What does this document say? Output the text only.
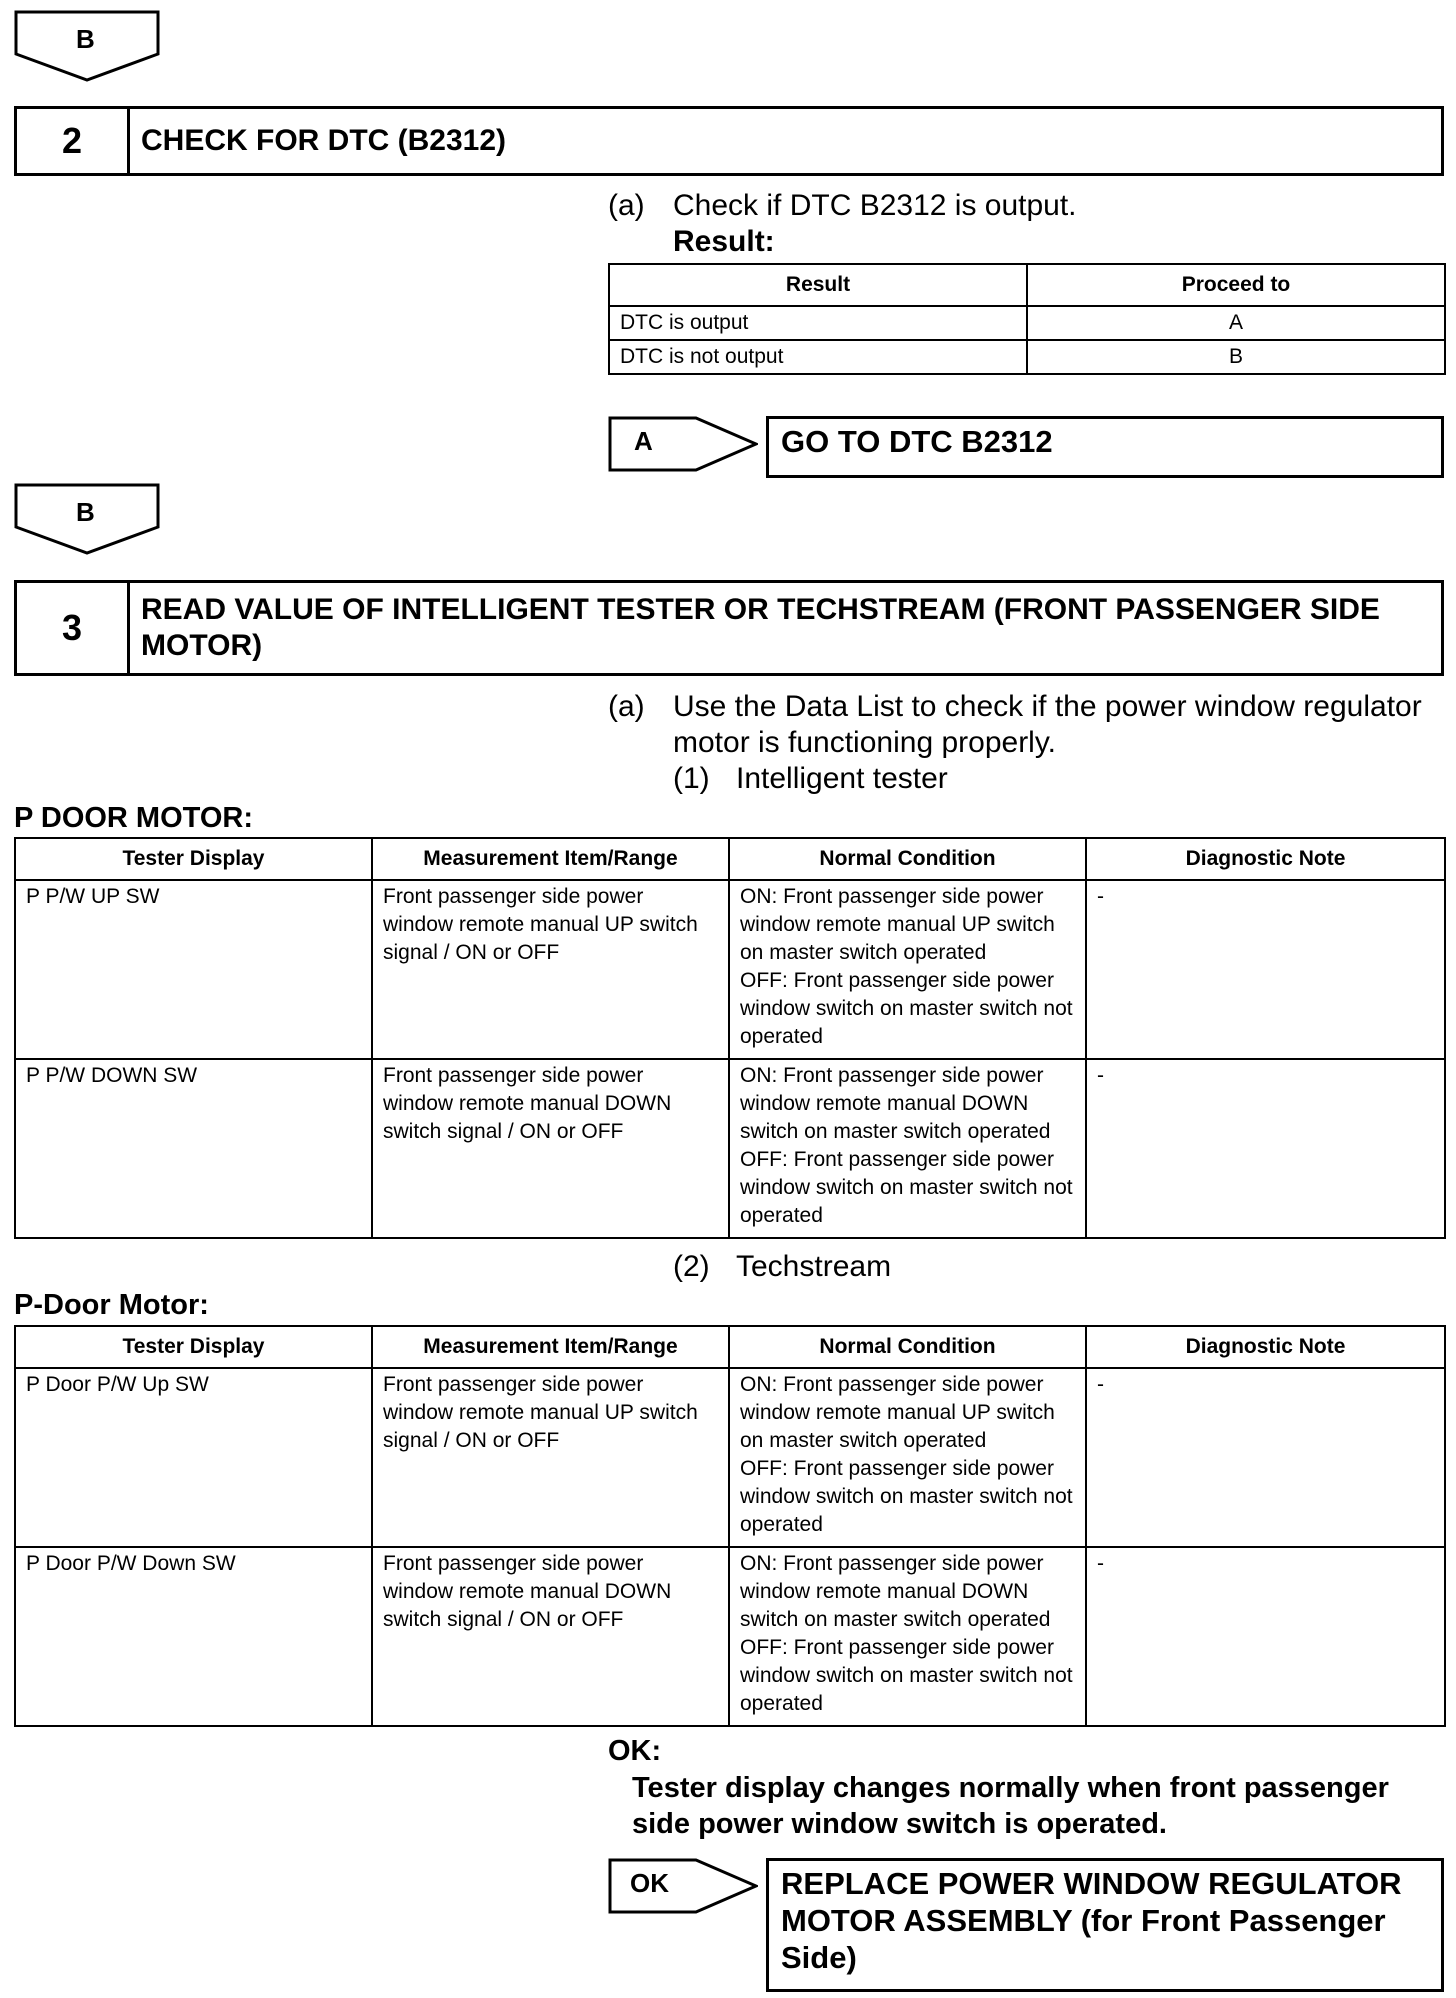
B
2	CHECK FOR DTC (B2312)
(a) Check if DTC B2312 is output.
Result:
Result	Proceed to
DTC is output	A
DTC is not output	B
A	GO TO DTC B2312
B
3	READ VALUE OF INTELLIGENT TESTER OR TECHSTREAM (FRONT PASSENGER SIDE MOTOR)
(a) Use the Data List to check if the power window regulator
motor is functioning properly.
(1) Intelligent tester
P DOOR MOTOR:
Tester Display	Measurement Item/Range	Normal Condition	Diagnostic Note
P P/W UP SW	Front passenger side power window remote manual UP switch signal / ON or OFF	ON: Front passenger side power window remote manual UP switch on master switch operated
OFF: Front passenger side power window switch on master switch not operated	-
P P/W DOWN SW	Front passenger side power window remote manual DOWN switch signal / ON or OFF	ON: Front passenger side power window remote manual DOWN switch on master switch operated
OFF: Front passenger side power window switch on master switch not operated	-
(2) Techstream
P-Door Motor:
Tester Display	Measurement Item/Range	Normal Condition	Diagnostic Note
P Door P/W Up SW	Front passenger side power window remote manual UP switch signal / ON or OFF	ON: Front passenger side power window remote manual UP switch on master switch operated
OFF: Front passenger side power window switch on master switch not operated	-
P Door P/W Down SW	Front passenger side power window remote manual DOWN switch signal / ON or OFF	ON: Front passenger side power window remote manual DOWN switch on master switch operated
OFF: Front passenger side power window switch on master switch not operated	-
OK:
Tester display changes normally when front passenger
side power window switch is operated.
OK	REPLACE POWER WINDOW REGULATOR
MOTOR ASSEMBLY (for Front Passenger
Side)
